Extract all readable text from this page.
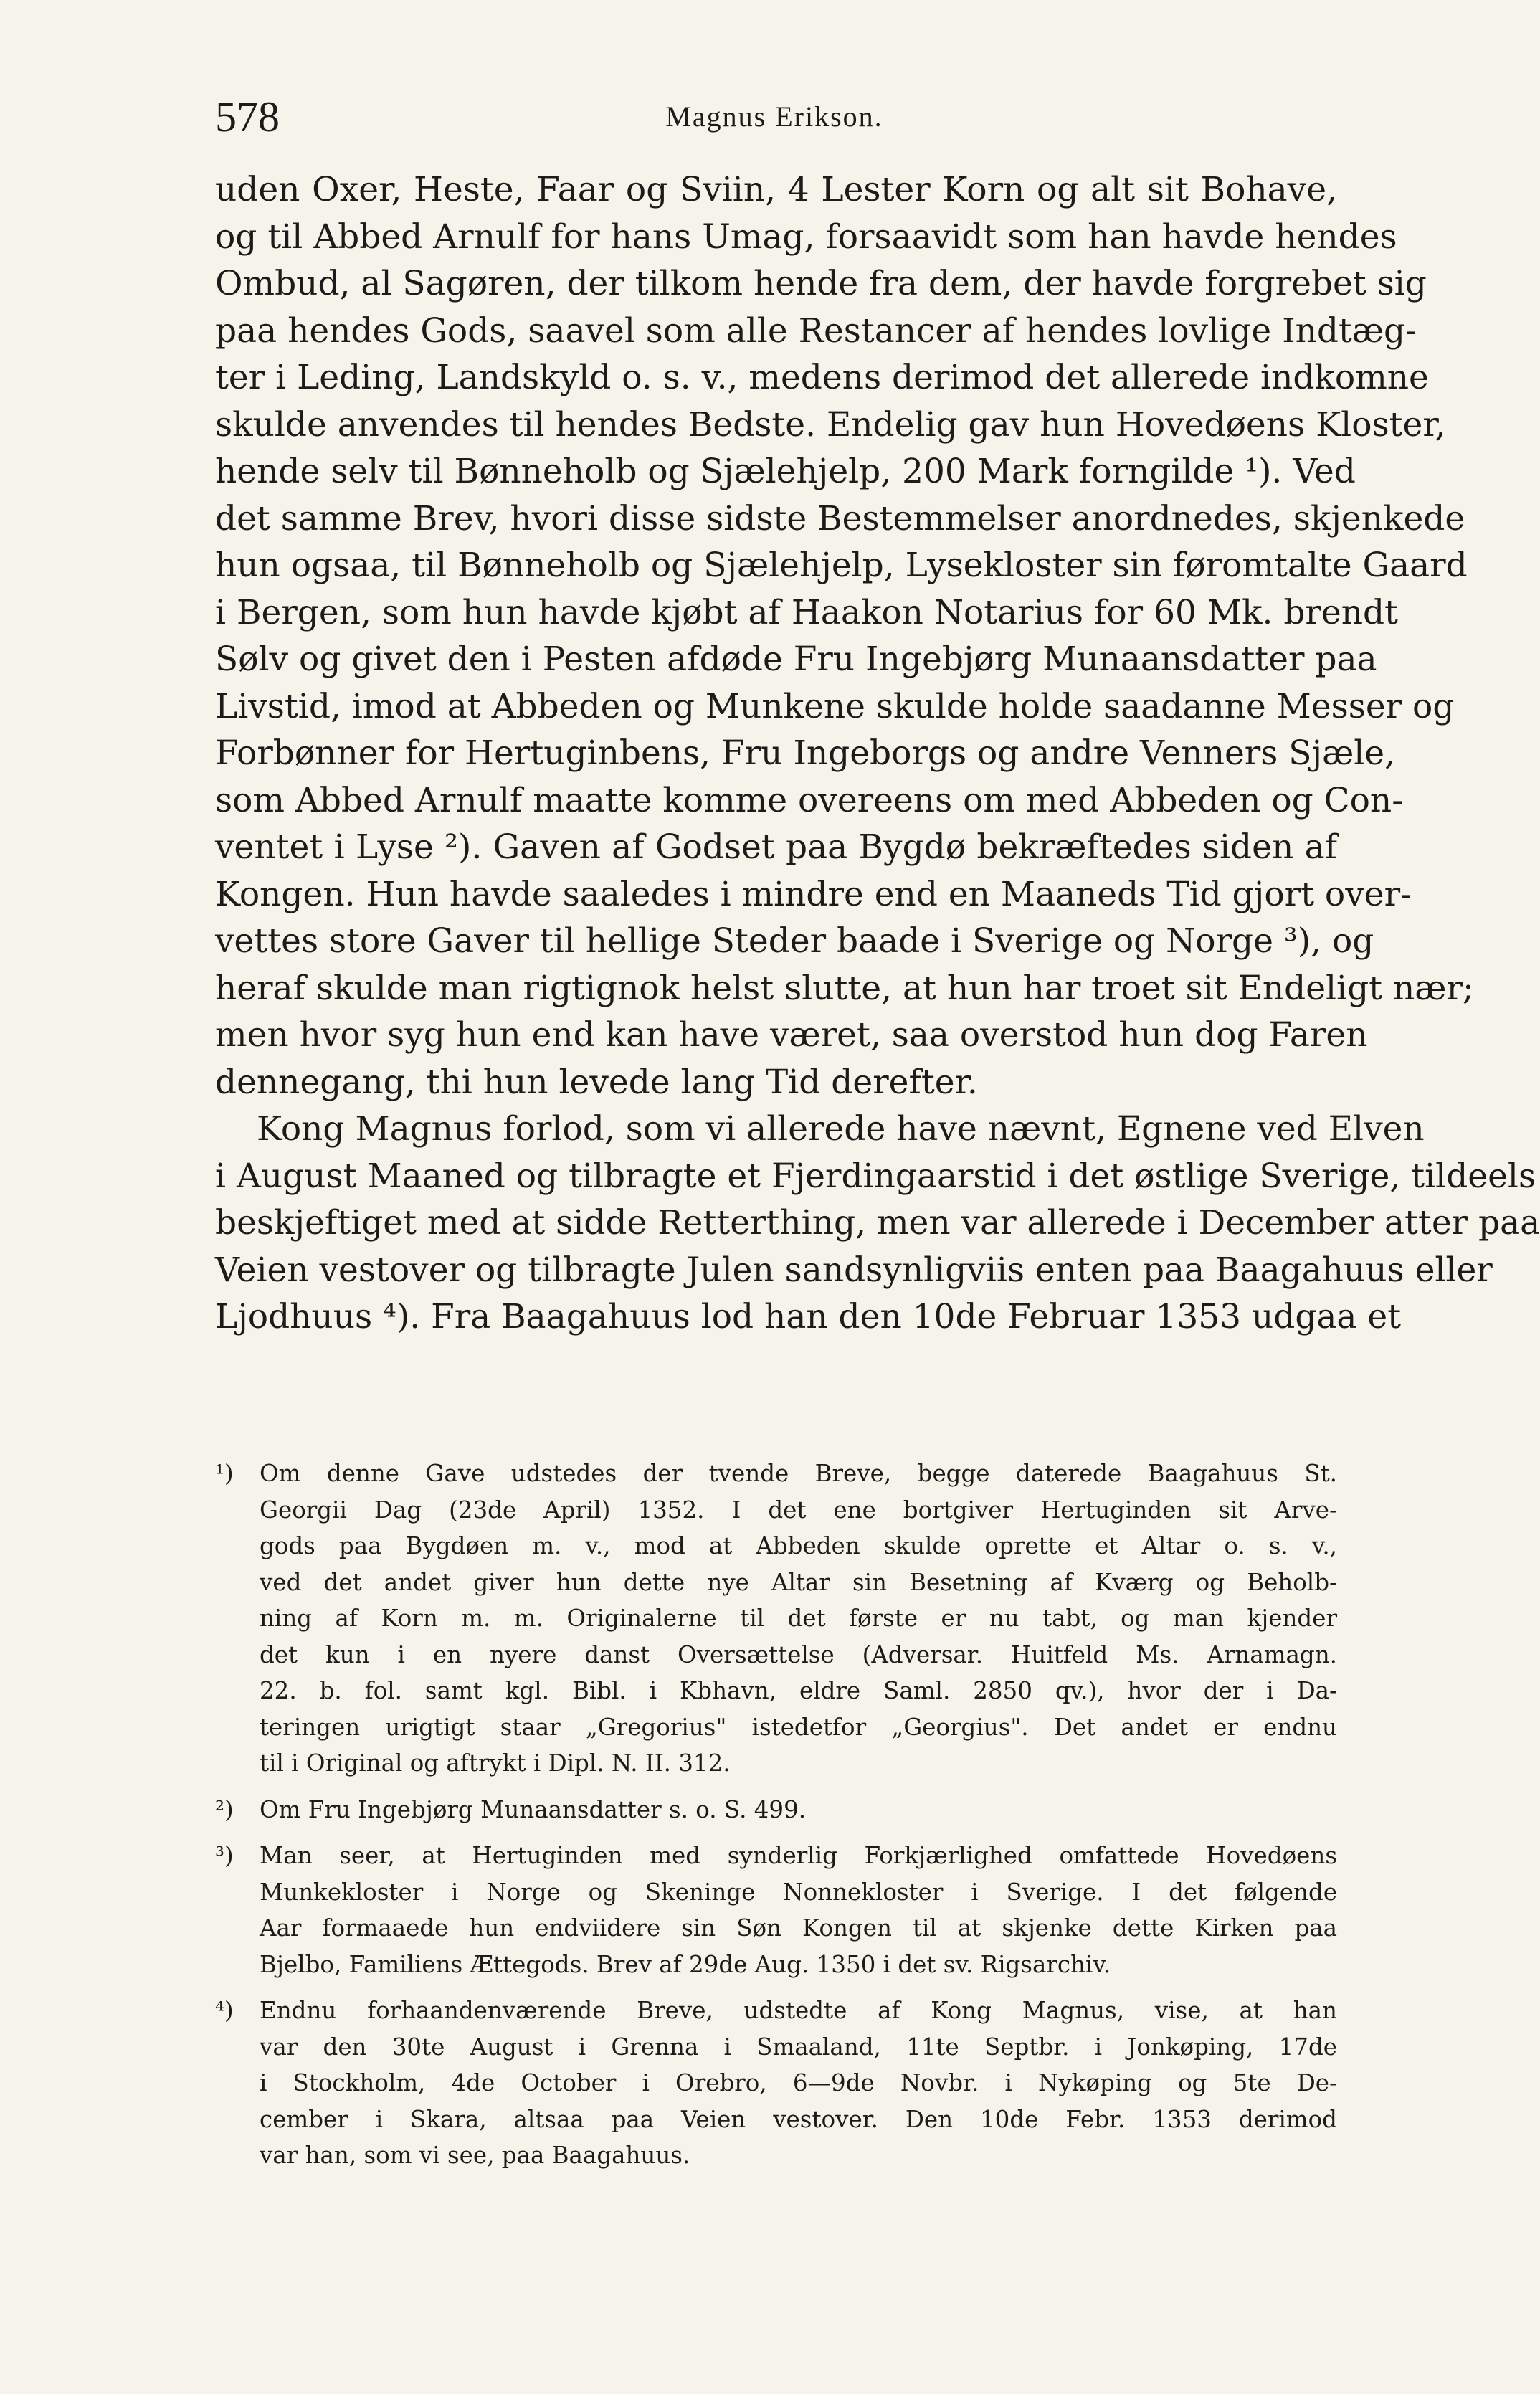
578	Magnus Erikson.
uden Oxer, Heste, Faar og Sviin, 4 Lester Korn og alt sit Bohave,
og til Abbed Arnulf for hans Umag, forsaavidt som han havde hendes
Ombud, al Sagøren, der tilkom hende fra dem, der havde forgrebet sig
paa hendes Gods, saavel som alle Restancer af hendes lovlige Indtæg-
ter i Leding, Landskyld o. s. v., medens derimod det allerede indkomne
skulde anvendes til hendes Bedste. Endelig gav hun Hovedøens Kloster,
hende selv til Bønneholb og Sjælehjelp, 200 Mark forngilde ¹). Ved
det samme Brev, hvori disse sidste Bestemmelser anordnedes, skjenkede
hun ogsaa, til Bønneholb og Sjælehjelp, Lysekloster sin føromtalte Gaard
i Bergen, som hun havde kjøbt af Haakon Notarius for 60 Mk. brendt
Sølv og givet den i Pesten afdøde Fru Ingebjørg Munaansdatter paa
Livstid, imod at Abbeden og Munkene skulde holde saadanne Messer og
Forbønner for Hertuginbens, Fru Ingeborgs og andre Venners Sjæle,
som Abbed Arnulf maatte komme overeens om med Abbeden og Con-
ventet i Lyse ²). Gaven af Godset paa Bygdø bekræftedes siden af
Kongen. Hun havde saaledes i mindre end en Maaneds Tid gjort over-
vettes store Gaver til hellige Steder baade i Sverige og Norge ³), og
heraf skulde man rigtignok helst slutte, at hun har troet sit Endeligt nær;
men hvor syg hun end kan have været, saa overstod hun dog Faren
dennegang, thi hun levede lang Tid derefter.
Kong Magnus forlod, som vi allerede have nævnt, Egnene ved Elven
i August Maaned og tilbragte et Fjerdingaarstid i det østlige Sverige, tildeels
beskjeftiget med at sidde Retterthing, men var allerede i December atter paa
Veien vestover og tilbragte Julen sandsynligviis enten paa Baagahuus eller
Ljodhuus ⁴). Fra Baagahuus lod han den 10de Februar 1353 udgaa et
¹) Om denne Gave udstedes der tvende Breve, begge daterede Baagahuus St.
Georgii Dag (23de April) 1352. I det ene bortgiver Hertuginden sit Arve-
gods paa Bygdøen m. v., mod at Abbeden skulde oprette et Altar o. s. v.,
ved det andet giver hun dette nye Altar sin Besetning af Kværg og Beholb-
ning af Korn m. m. Originalerne til det første er nu tabt, og man kjender
det kun i en nyere danst Oversættelse (Adversar. Huitfeld Ms. Arnamagn.
22. b. fol. samt kgl. Bibl. i Kbhavn, eldre Saml. 2850 qv.), hvor der i Da-
teringen urigtigt staar „Gregorius" istedetfor „Georgius". Det andet er endnu
til i Original og aftrykt i Dipl. N. II. 312.
²) Om Fru Ingebjørg Munaansdatter s. o. S. 499.
³) Man seer, at Hertuginden med synderlig Forkjærlighed omfattede Hovedøens
Munkekloster i Norge og Skeninge Nonnekloster i Sverige. I det følgende
Aar formaaede hun endviidere sin Søn Kongen til at skjenke dette Kirken paa
Bjelbo, Familiens Ættegods. Brev af 29de Aug. 1350 i det sv. Rigsarchiv.
⁴) Endnu forhaandenværende Breve, udstedte af Kong Magnus, vise, at han
var den 30te August i Grenna i Smaaland, 11te Septbr. i Jonkøping, 17de
i Stockholm, 4de October i Orebro, 6—9de Novbr. i Nykøping og 5te De-
cember i Skara, altsaa paa Veien vestover. Den 10de Febr. 1353 derimod
var han, som vi see, paa Baagahuus.
